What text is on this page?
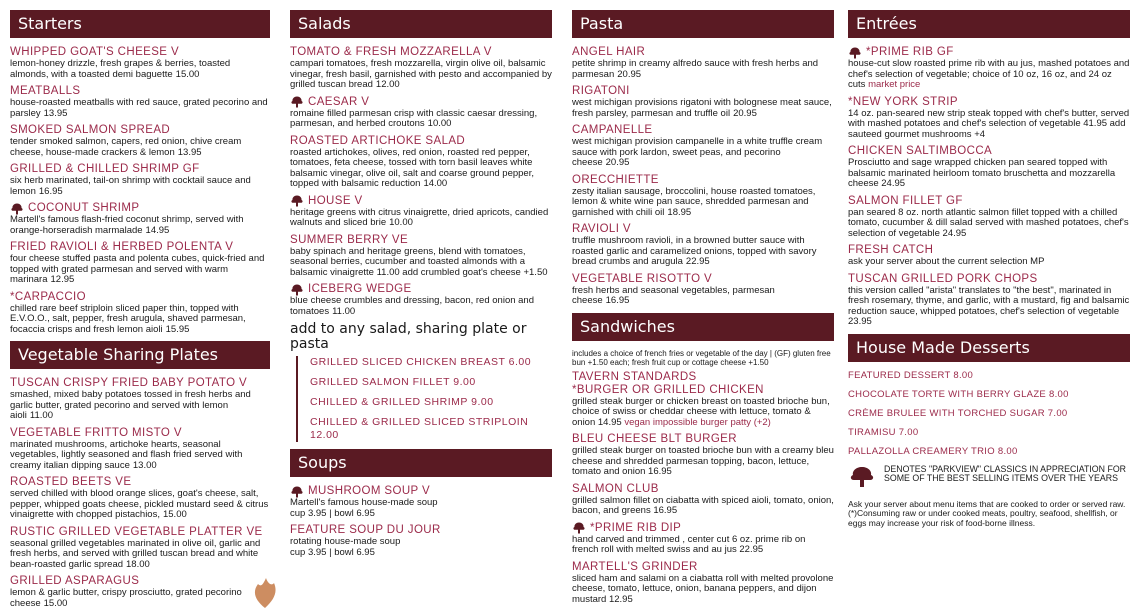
Starters
WHIPPED GOAT'S CHEESE V
lemon-honey drizzle, fresh grapes & berries, toasted almonds, with a toasted demi baguette 15.00
MEATBALLS
house-roasted meatballs with red sauce, grated pecorino and parsley 13.95
SMOKED SALMON SPREAD
tender smoked salmon, capers, red onion, chive cream cheese, house-made crackers & lemon 13.95
GRILLED & CHILLED SHRIMP GF
six herb marinated, tail-on shrimp with cocktail sauce and lemon 16.95
COCONUT SHRIMP
Martell's famous flash-fried coconut shrimp, served with orange-horseradish marmalade 14.95
FRIED RAVIOLI & HERBED POLENTA V
four cheese stuffed pasta and polenta cubes, quick-fried and topped with grated parmesan and served with warm marinara 12.95
*CARPACCIO
chilled rare beef striploin sliced paper thin, topped with E.V.O.O., salt, pepper, fresh arugula, shaved parmesan, focaccia crisps and fresh lemon aioli 15.95
Vegetable Sharing Plates
TUSCAN CRISPY FRIED BABY POTATO V
smashed, mixed baby potatoes tossed in fresh herbs and garlic butter, grated pecorino and served with lemon aioli 11.00
VEGETABLE FRITTO MISTO V
marinated mushrooms, artichoke hearts, seasonal vegetables, lightly seasoned and flash fried served with creamy italian dipping sauce 13.00
ROASTED BEETS VE
served chilled with blood orange slices, goat's cheese, salt, pepper, whipped goats cheese, pickled mustard seed & citrus vinaigrette with chopped pistachios, 15.00
RUSTIC GRILLED VEGETABLE PLATTER VE
seasonal grilled vegetables marinated in olive oil, garlic and fresh herbs, and served with grilled tuscan bread and white bean-roasted garlic spread 18.00
GRILLED ASPARAGUS
lemon & garlic butter, crispy prosciutto, grated pecorino cheese 15.00
Salads
TOMATO & FRESH MOZZARELLA V
campari tomatoes, fresh mozzarella, virgin olive oil, balsamic vinegar, fresh basil, garnished with pesto and accompanied by grilled tuscan bread 12.00
CAESAR V
romaine filled parmesan crisp with classic caesar dressing, parmesan, and herbed croutons 10.00
ROASTED ARTICHOKE SALAD
roasted artichokes, olives, red onion, roasted red pepper, tomatoes, feta cheese, tossed with torn basil leaves white balsamic vinegar, olive oil, salt and coarse ground pepper, topped with balsamic reduction 14.00
HOUSE V
heritage greens with citrus vinaigrette, dried apricots, candied walnuts and sliced brie 10.00
SUMMER BERRY VE
baby spinach and heritage greens, blend with tomatoes, seasonal berries, cucumber and toasted almonds with a balsamic vinaigrette 11.00 add crumbled goat's cheese +1.50
ICEBERG WEDGE
blue cheese crumbles and dressing, bacon, red onion and tomatoes 11.00
add to any salad, sharing plate or pasta
GRILLED SLICED CHICKEN BREAST 6.00
GRILLED SALMON FILLET 9.00
CHILLED & GRILLED SHRIMP 9.00
CHILLED & GRILLED SLICED STRIPLOIN 12.00
Soups
MUSHROOM SOUP V
Martell's famous house-made soup
cup 3.95 | bowl 6.95
FEATURE SOUP DU JOUR
rotating house-made soup
cup 3.95 | bowl 6.95
Pasta
ANGEL HAIR
petite shrimp in creamy alfredo sauce with fresh herbs and parmesan 20.95
RIGATONI
west michigan provisions rigatoni with bolognese meat sauce, fresh parsley, parmesan and truffle oil 20.95
CAMPANELLE
west michigan provision campanelle in a white truffle cream sauce with pork lardon, sweet peas, and pecorino cheese 20.95
ORECCHIETTE
zesty italian sausage, broccolini, house roasted tomatoes, lemon & white wine pan sauce, shredded parmesan and garnished with chili oil 18.95
RAVIOLI V
truffle mushroom ravioli, in a browned butter sauce with roasted garlic and caramelized onions, topped with savory bread crumbs and arugula 22.95
VEGETABLE RISOTTO V
fresh herbs and seasonal vegetables, parmesan cheese 16.95
Sandwiches
includes a choice of french fries or vegetable of the day | (GF) gluten free bun +1.50 each; fresh fruit cup or cottage cheese +1.50
TAVERN STANDARDS
*BURGER OR GRILLED CHICKEN
grilled steak burger or chicken breast on toasted brioche bun, choice of swiss or cheddar cheese with lettuce, tomato & onion 14.95 vegan impossible burger patty (+2)
BLEU CHEESE BLT BURGER
grilled steak burger on toasted brioche bun with a creamy bleu cheese and shredded parmesan topping, bacon, lettuce, tomato and onion 16.95
SALMON CLUB
grilled salmon fillet on ciabatta with spiced aioli, tomato, onion, bacon, and greens 16.95
*PRIME RIB DIP
hand carved and trimmed , center cut 6 oz. prime rib on french roll with melted swiss and au jus 22.95
MARTELL'S GRINDER
sliced ham and salami on a ciabatta roll with melted provolone cheese, tomato, lettuce, onion, banana peppers, and dijon mustard 12.95
Entrées
*PRIME RIB GF
house-cut slow roasted prime rib with au jus, mashed potatoes and chef's selection of vegetable; choice of 10 oz, 16 oz, and 24 oz cuts market price
*NEW YORK STRIP
14 oz. pan-seared new strip steak topped with chef's butter, served with mashed potatoes and chef's selection of vegetable 41.95 add sauteed gourmet mushrooms +4
CHICKEN SALTIMBOCCA
Prosciutto and sage wrapped chicken pan seared topped with balsamic marinated heirloom tomato bruschetta and mozzarella cheese 24.95
SALMON FILLET GF
pan seared 8 oz. north atlantic salmon fillet topped with a chilled tomato, cucumber & dill salad served with mashed potatoes, chef's selection of vegetable 24.95
FRESH CATCH
ask your server about the current selection MP
TUSCAN GRILLED PORK CHOPS
this version called "arista" translates to "the best", marinated in fresh rosemary, thyme, and garlic, with a mustard, fig and balsamic reduction sauce, whipped potatoes, chef's selection of vegetable 23.95
House Made Desserts
FEATURED DESSERT 8.00
CHOCOLATE TORTE WITH BERRY GLAZE 8.00
CRÈME BRULEE WITH TORCHED SUGAR 7.00
TIRAMISU 7.00
PALLAZOLLA CREAMERY TRIO 8.00
DENOTES "PARKVIEW" CLASSICS IN APPRECIATION FOR SOME OF THE BEST SELLING ITEMS OVER THE YEARS
Ask your server about menu items that are cooked to order or served raw. (*)Consuming raw or under cooked meats, poultry, seafood, shellfish, or eggs may increase your risk of food-borne illness.
